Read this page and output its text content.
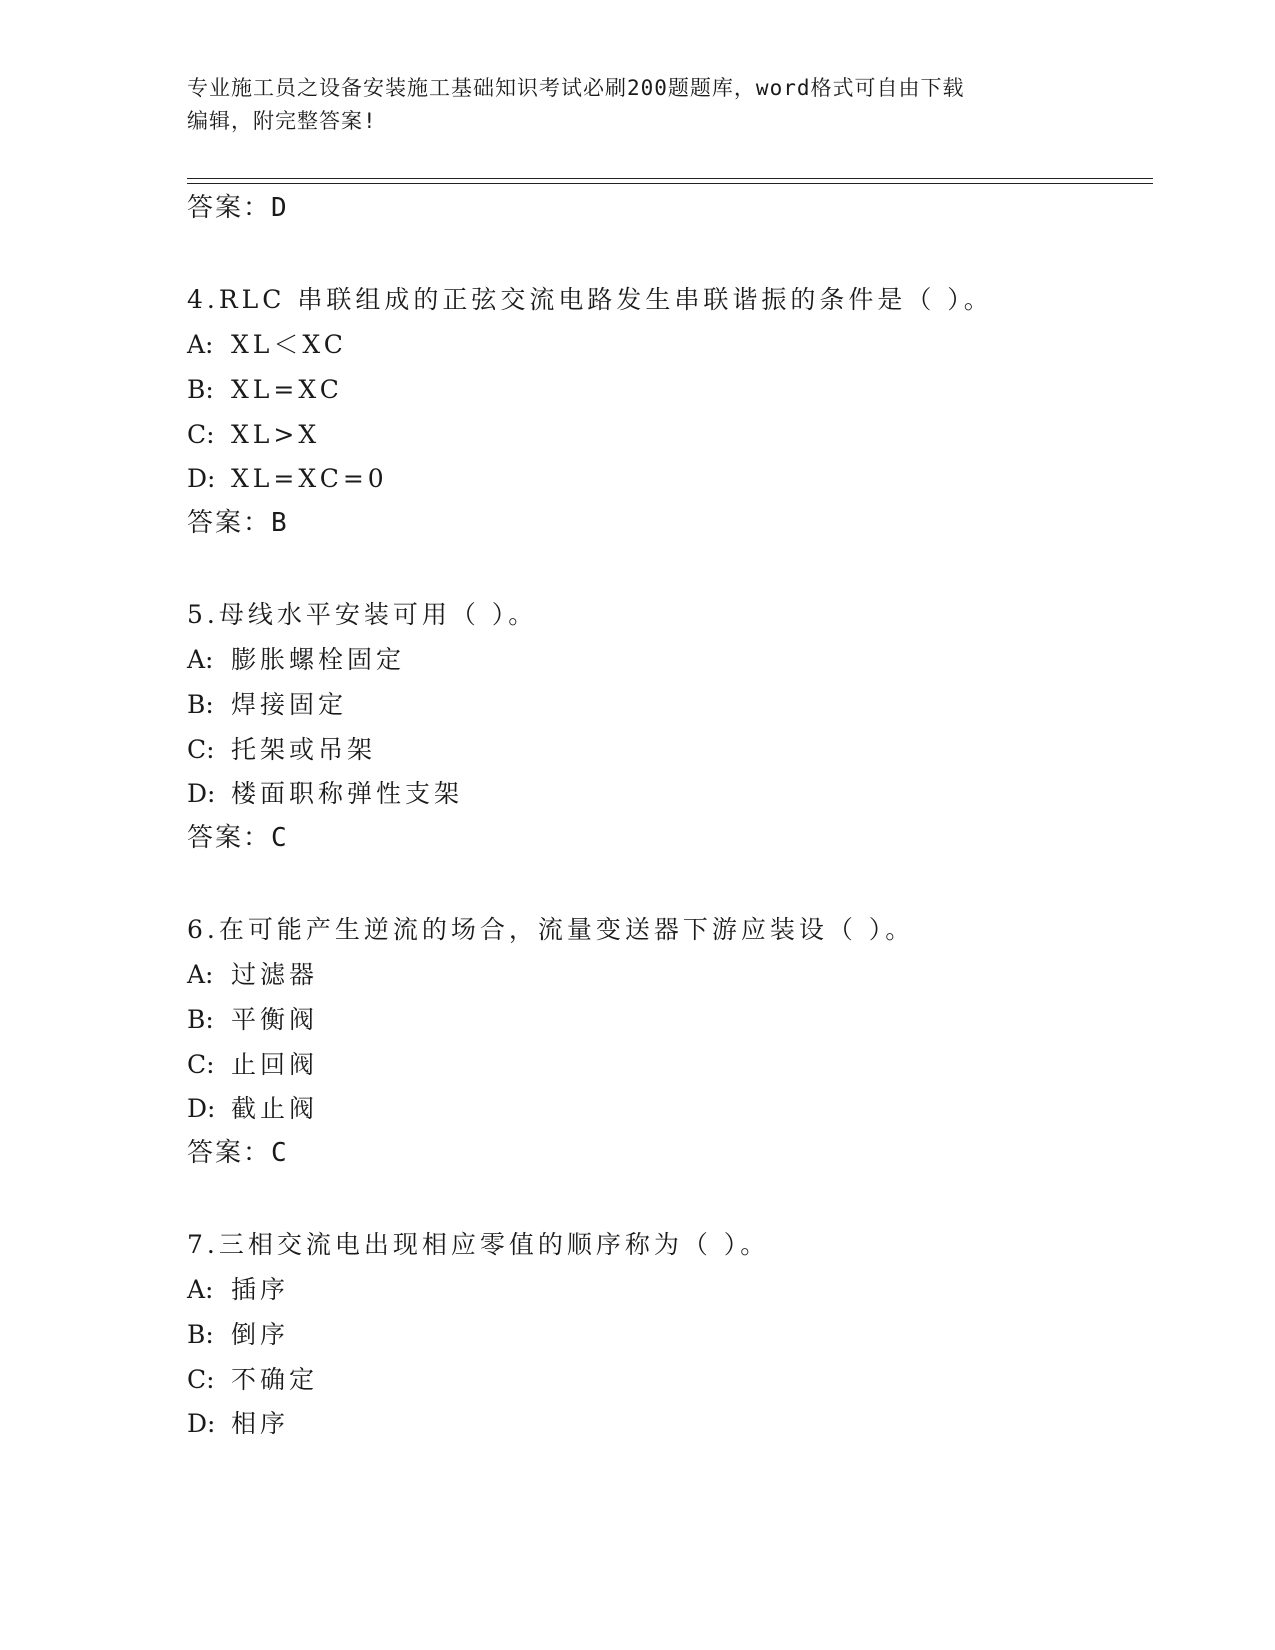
专业施工员之设备安装施工基础知识考试必刷200题题库，word格式可自由下载
编辑，附完整答案!
答案：D
4.RLC 串联组成的正弦交流电路发生串联谐振的条件是（ ）。
A: XL＜XC
B: XL=XC
C: XL>X
D: XL=XC=0
答案：B
5.母线水平安装可用（ ）。
A: 膨胀螺栓固定
B: 焊接固定
C: 托架或吊架
D: 楼面职称弹性支架
答案：C
6.在可能产生逆流的场合，流量变送器下游应装设（ ）。
A: 过滤器
B: 平衡阀
C: 止回阀
D: 截止阀
答案：C
7.三相交流电出现相应零值的顺序称为（ ）。
A: 插序
B: 倒序
C: 不确定
D: 相序
